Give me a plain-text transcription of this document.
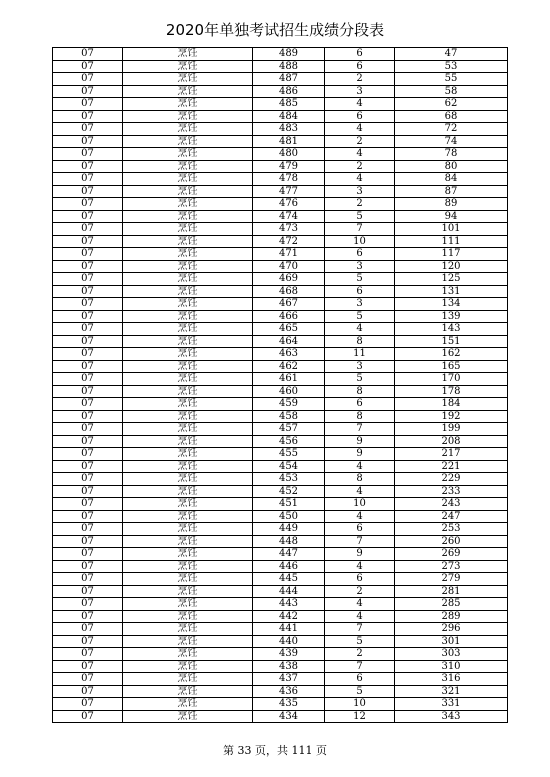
2020年单独考试招生成绩分段表
07	烹饪	489	6	47
07	烹饪	488	6	53
07	烹饪	487	2	55
07	烹饪	486	3	58
07	烹饪	485	4	62
07	烹饪	484	6	68
07	烹饪	483	4	72
07	烹饪	481	2	74
07	烹饪	480	4	78
07	烹饪	479	2	80
07	烹饪	478	4	84
07	烹饪	477	3	87
07	烹饪	476	2	89
07	烹饪	474	5	94
07	烹饪	473	7	101
07	烹饪	472	10	111
07	烹饪	471	6	117
07	烹饪	470	3	120
07	烹饪	469	5	125
07	烹饪	468	6	131
07	烹饪	467	3	134
07	烹饪	466	5	139
07	烹饪	465	4	143
07	烹饪	464	8	151
07	烹饪	463	11	162
07	烹饪	462	3	165
07	烹饪	461	5	170
07	烹饪	460	8	178
07	烹饪	459	6	184
07	烹饪	458	8	192
07	烹饪	457	7	199
07	烹饪	456	9	208
07	烹饪	455	9	217
07	烹饪	454	4	221
07	烹饪	453	8	229
07	烹饪	452	4	233
07	烹饪	451	10	243
07	烹饪	450	4	247
07	烹饪	449	6	253
07	烹饪	448	7	260
07	烹饪	447	9	269
07	烹饪	446	4	273
07	烹饪	445	6	279
07	烹饪	444	2	281
07	烹饪	443	4	285
07	烹饪	442	4	289
07	烹饪	441	7	296
07	烹饪	440	5	301
07	烹饪	439	2	303
07	烹饪	438	7	310
07	烹饪	437	6	316
07	烹饪	436	5	321
07	烹饪	435	10	331
07	烹饪	434	12	343
第 33 页，共 111 页
